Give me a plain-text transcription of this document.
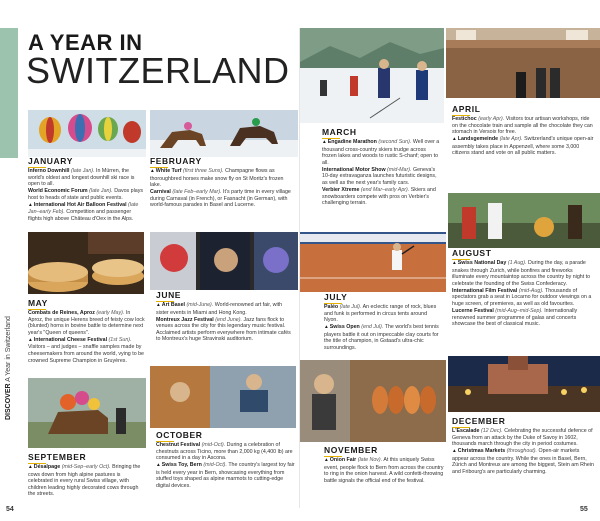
DISCOVER A Year in Switzerland
A YEAR IN
SWITZERLAND
JANUARY

Inferno Downhill (late Jan). In Mürren, the world's oldest and longest downhill ski race is open to all.

World Economic Forum (late Jan). Davos plays host to heads of state and public events.

▲International Hot Air Balloon Festival (late Jan–early Feb). Competition and passenger flights high above Château d'Oex in the Alps.

FEBRUARY

▲White Turf (first three Suns). Champagne flows as thoroughbred horses make snow fly on St Moritz's frozen lake.

Carnival (late Feb–early Mar). It's party time in every village during Carnaval (in French), or Fasnacht (in German), with world-famous parades in Basel and Lucerne.

MARCH

▲Engadine Marathon (second Sun). Well over a thousand cross-country skiers trudge across frozen lakes and woods to rustic S-chanf; open to all.

International Motor Show (mid-Mar). Geneva's 10-day extravaganza launches futuristic designs, as well as the next year's family cars.

Verbier Xtreme (end Mar–early Apr). Skiers and snowboarders compete with pros on Verbier's challenging terrain.

APRIL

Festichoc (early Apr). Visitors tour artisan workshops, ride on the chocolate train and sample all the chocolate they can stomach in Versoix for free.

▲Landsgemeinde (late Apr). Switzerland's unique open-air assembly takes place in Appenzell, where some 3,000 citizens stand and vote on all public matters.

MAY

Combats de Reines, Aproz (early May). In Aproz, the unique Herens breed of feisty cow lock (blunted) horns in bovine battle to determine next year's "Queen of queens".

▲International Cheese Festival (1st Sun). Visitors – and judges – snaffle samples made by cheesemakers from around the world, vying to be crowned Supreme Champion in Gruyères.

JUNE

▲Art Basel (mid-June). World-renowned art fair, with sister events in Miami and Hong Kong.

Montreux Jazz Festival (end June). Jazz fans flock to venues across the city for this legendary music festival. Acclaimed artists perform everywhere from intimate cafés to Montreux's huge Stravinski auditorium.

JULY

Paléo (late Jul). An eclectic range of rock, blues and funk is performed in circus tents around Nyon.

▲Swiss Open (end Jul). The world's best tennis players battle it out on impeccable clay courts for the title of champion, in Gstaad's ultra-chic surroundings.

AUGUST

▲Swiss National Day (1 Aug). During the day, a parade snakes through Zurich, while bonfires and fireworks illuminate every mountaintop across the country by night to celebrate the founding of the Swiss Confederacy.

International Film Festival (mid-Aug). Thousands of spectators grab a seat in Locarno for outdoor viewings on a huge screen, of premieres, as well as old favourites.

Lucerne Festival (mid-Aug–mid-Sep). Internationally renowned summer programme of galas and concerts showcase the best of classical music.

SEPTEMBER

▲Désalpage (mid-Sep–early Oct). Bringing the cows down from high alpine pastures is celebrated in every rural Swiss village, with children leading highly decorated cows through the streets.

OCTOBER

Chestnut Festival (mid-Oct). During a celebration of chestnuts across Ticino, more than 2,000 kg (4,400 lb) are consumed in a day in Ascona.

▲Swiss Toy, Bern (mid-Oct). The country's largest toy fair is held every year in Bern, showcasing everything from stuffed toys shaped as alpine marmots to cutting-edge digital devices.

NOVEMBER

▲Onion Fair (late Nov). At this uniquely Swiss event, people flock to Bern from across the country to ring in the onion harvest. A wild confetti-throwing battle signals the official end of the festival.

DECEMBER

L'Escalade (12 Dec). Celebrating the successful defence of Geneva from an attack by the Duke of Savoy in 1602, thousands march through the city in period costumes.

▲Christmas Markets (throughout). Open-air markets appear across the country. While the ones in Basel, Bern, Zürich and Montreux are among the biggest, Stein am Rhein and Fribourg's are particularly charming.

54	55
